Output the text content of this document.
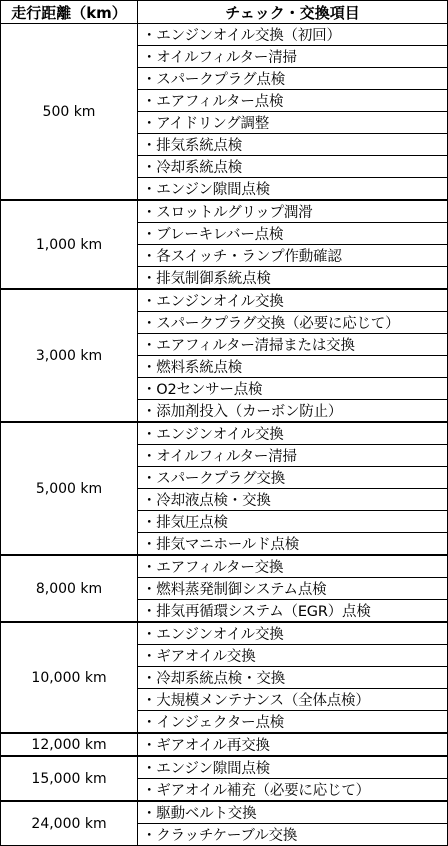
走行距離（km）	チェック・交換項目
500 km	・エンジンオイル交換（初回）
	・オイルフィルター清掃
	・スパークプラグ点検
	・エアフィルター点検
	・アイドリング調整
	・排気系統点検
	・冷却系統点検
	・エンジン隙間点検
1,000 km	・スロットルグリップ潤滑
	・ブレーキレバー点検
	・各スイッチ・ランプ作動確認
	・排気制御系統点検
3,000 km	・エンジンオイル交換
	・スパークプラグ交換（必要に応じて）
	・エアフィルター清掃または交換
	・燃料系統点検
	・O2センサー点検
	・添加剤投入（カーボン防止）
5,000 km	・エンジンオイル交換
	・オイルフィルター清掃
	・スパークプラグ交換
	・冷却液点検・交換
	・排気圧点検
	・排気マニホールド点検
8,000 km	・エアフィルター交換
	・燃料蒸発制御システム点検
	・排気再循環システム（EGR）点検
10,000 km	・エンジンオイル交換
	・ギアオイル交換
	・冷却系統点検・交換
	・大規模メンテナンス（全体点検）
	・インジェクター点検
12,000 km	・ギアオイル再交換
15,000 km	・エンジン隙間点検
	・ギアオイル補充（必要に応じて）
24,000 km	・駆動ベルト交換
	・クラッチケーブル交換
